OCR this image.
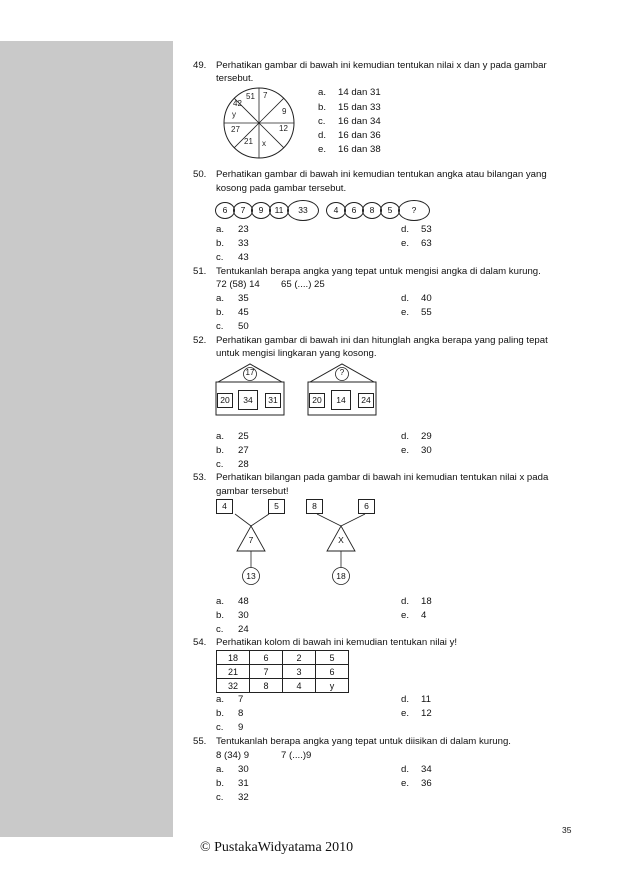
49. Perhatikan gambar di bawah ini kemudian tentukan nilai x dan y pada gambar
tersebut.
51 7
9
12
x
21
27
y
42
a. 14 dan 31
b. 15 dan 33
c. 16 dan 34
d. 16 dan 36
e. 16 dan 38
50. Perhatikan gambar di bawah ini kemudian tentukan angka atau bilangan yang
kosong pada gambar tersebut.
6	7	9	11	33	4	6	8	5	?
a. 23
b. 33
c. 43
d. 53
e. 63
51. Tentukanlah berapa angka yang tepat untuk mengisi angka di dalam kurung.
72 (58) 14 65 (....) 25
a. 35
b. 45
c. 50
d. 40
e. 55
52. Perhatikan gambar di bawah ini dan hitunglah angka berapa yang paling tepat
untuk mengisi lingkaran yang kosong.
17
20	34	31
?
20	14	24
a. 25
b. 27
c. 28
d. 29
e. 30
53. Perhatikan bilangan pada gambar di bawah ini kemudian tentukan nilai x pada
gambar tersebut!
4	5
7
13
8	6
X
18
a. 48
b. 30
c. 24
d. 18
e. 4
54. Perhatikan kolom di bawah ini kemudian tentukan nilai y!
18	6	2	5
21	7	3	6
32	8	4	y
a. 7
b. 8
c. 9
d. 11
e. 12
55. Tentukanlah berapa angka yang tepat untuk diisikan di dalam kurung.
8 (34) 9	7 (....)9
a. 30
b. 31
c. 32
d. 34
e. 36
35
© PustakaWidyatama 2010
